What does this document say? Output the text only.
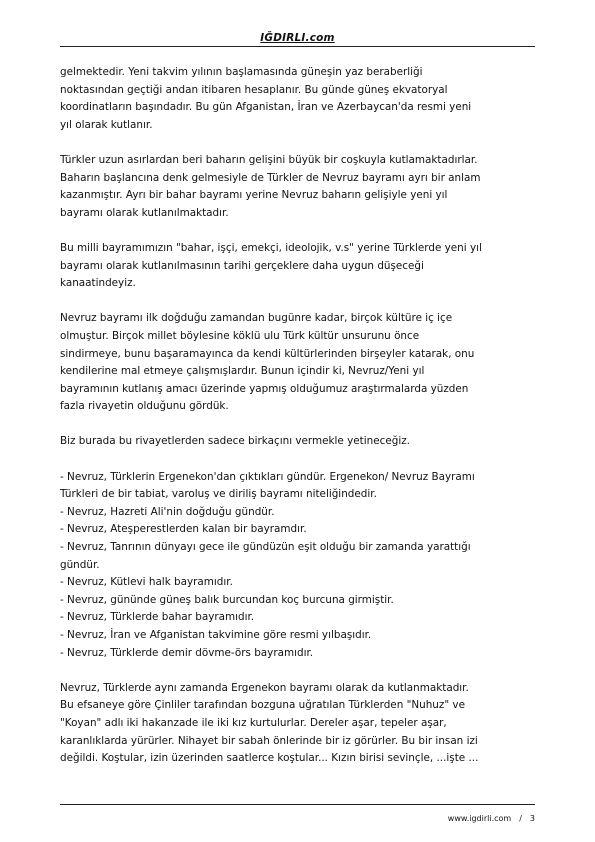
IĞDIRLI.com

gelmektedir. Yeni takvim yılının başlamasında güneşin yaz beraberliği
noktasından geçtiği andan itibaren hesaplanır. Bu günde güneş ekvatoryal
koordinatların başındadır. Bu gün Afganistan, İran ve Azerbaycan'da resmi yeni
yıl olarak kutlanır.

Türkler uzun asırlardan beri baharın gelişini büyük bir coşkuyla kutlamaktadırlar.
Baharın başlancına denk gelmesiyle de Türkler de Nevruz bayramı ayrı bir anlam
kazanmıştır. Ayrı bir bahar bayramı yerine Nevruz baharın gelişiyle yeni yıl
bayramı olarak kutlanılmaktadır.

Bu milli bayramımızın "bahar, işçi, emekçi, ideolojik, v.s" yerine Türklerde yeni yıl
bayramı olarak kutlanılmasının tarihi gerçeklere daha uygun düşeceği
kanaatindeyiz.

Nevruz bayramı ilk doğduğu zamandan bugünre kadar, birçok kültüre iç içe
olmuştur. Birçok millet böylesine köklü ulu Türk kültür unsurunu önce
sindirmeye, bunu başaramayınca da kendi kültürlerinden birşeyler katarak, onu
kendilerine mal etmeye çalışmışlardır. Bunun içindir ki, Nevruz/Yeni yıl
bayramının kutlanış amacı üzerinde yapmış olduğumuz araştırmalarda yüzden
fazla rivayetin olduğunu gördük.

Biz burada bu rivayetlerden sadece birkaçını vermekle yetineceğiz.

- Nevruz, Türklerin Ergenekon'dan çıktıkları gündür. Ergenekon/ Nevruz Bayramı
Türkleri de bir tabiat, varoluş ve diriliş bayramı niteliğindedir.
- Nevruz, Hazreti Ali'nin doğduğu gündür.
- Nevruz, Ateşperestlerden kalan bir bayramdır.
- Nevruz, Tanrının dünyayı gece ile gündüzün eşit olduğu bir zamanda yarattığı
gündür.
- Nevruz, Kütlevi halk bayramıdır.
- Nevruz, gününde güneş balık burcundan koç burcuna girmiştir.
- Nevruz, Türklerde bahar bayramıdır.
- Nevruz, İran ve Afganistan takvimine göre resmi yılbaşıdır.
- Nevruz, Türklerde demir dövme-örs bayramıdır.

Nevruz, Türklerde aynı zamanda Ergenekon bayramı olarak da kutlanmaktadır.
Bu efsaneye göre Çinliler tarafından bozguna uğratılan Türklerden "Nuhuz" ve
"Koyan" adlı iki hakanzade ile iki kız kurtulurlar. Dereler aşar, tepeler aşar,
karanlıklarda yürürler. Nihayet bir sabah önlerinde bir iz görürler. Bu bir insan izi
değildi. Koştular, izin üzerinden saatlerce koştular... Kızın birisi sevinçle, ...işte ...

www.igdirli.com / 3
